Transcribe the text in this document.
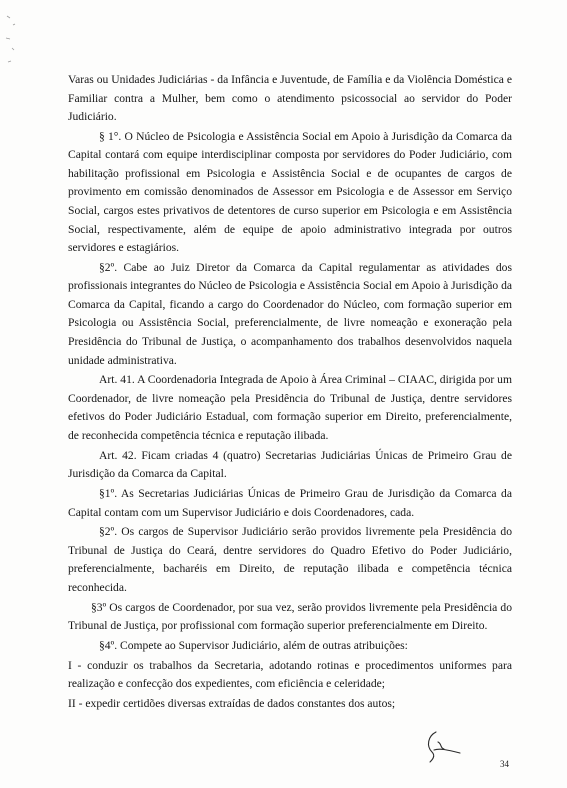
Varas ou Unidades Judiciárias - da Infância e Juventude, de Família e da Violência Doméstica e Familiar contra a Mulher, bem como o atendimento psicossocial ao servidor do Poder Judiciário.

§ 1°. O Núcleo de Psicologia e Assistência Social em Apoio à Jurisdição da Comarca da Capital contará com equipe interdisciplinar composta por servidores do Poder Judiciário, com habilitação profissional em Psicologia e Assistência Social e de ocupantes de cargos de provimento em comissão denominados de Assessor em Psicologia e de Assessor em Serviço Social, cargos estes privativos de detentores de curso superior em Psicologia e em Assistência Social, respectivamente, além de equipe de apoio administrativo integrada por outros servidores e estagiários.

§2º. Cabe ao Juiz Diretor da Comarca da Capital regulamentar as atividades dos profissionais integrantes do Núcleo de Psicologia e Assistência Social em Apoio à Jurisdição da Comarca da Capital, ficando a cargo do Coordenador do Núcleo, com formação superior em Psicologia ou Assistência Social, preferencialmente, de livre nomeação e exoneração pela Presidência do Tribunal de Justiça, o acompanhamento dos trabalhos desenvolvidos naquela unidade administrativa.

Art. 41. A Coordenadoria Integrada de Apoio à Área Criminal – CIAAC, dirigida por um Coordenador, de livre nomeação pela Presidência do Tribunal de Justiça, dentre servidores efetivos do Poder Judiciário Estadual, com formação superior em Direito, preferencialmente, de reconhecida competência técnica e reputação ilibada.

Art. 42. Ficam criadas 4 (quatro) Secretarias Judiciárias Únicas de Primeiro Grau de Jurisdição da Comarca da Capital.

§1º. As Secretarias Judiciárias Únicas de Primeiro Grau de Jurisdição da Comarca da Capital contam com um Supervisor Judiciário e dois Coordenadores, cada.

§2º. Os cargos de Supervisor Judiciário serão providos livremente pela Presidência do Tribunal de Justiça do Ceará, dentre servidores do Quadro Efetivo do Poder Judiciário, preferencialmente, bacharéis em Direito, de reputação ilibada e competência técnica reconhecida.

§3º Os cargos de Coordenador, por sua vez, serão providos livremente pela Presidência do Tribunal de Justiça, por profissional com formação superior preferencialmente em Direito.

§4º. Compete ao Supervisor Judiciário, além de outras atribuições:

I - conduzir os trabalhos da Secretaria, adotando rotinas e procedimentos uniformes para realização e confecção dos expedientes, com eficiência e celeridade;

II - expedir certidões diversas extraídas de dados constantes dos autos;

34
